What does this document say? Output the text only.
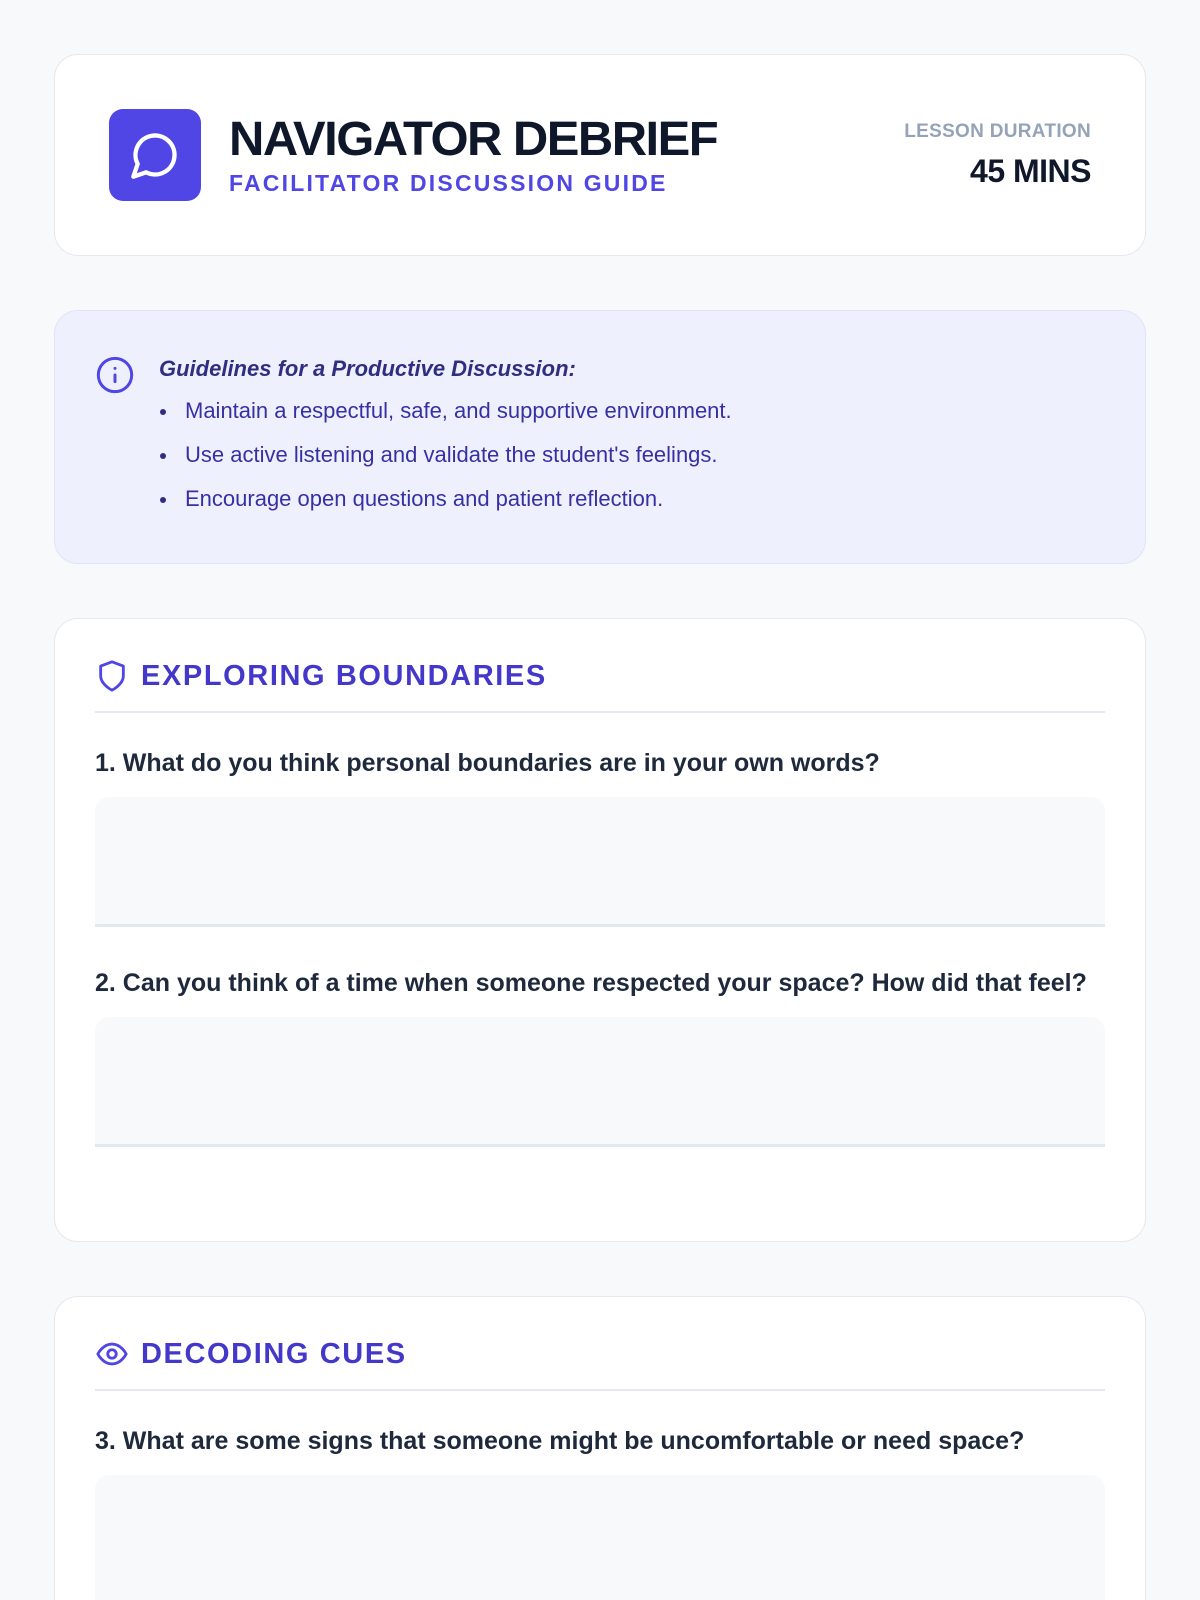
NAVIGATOR DEBRIEF
FACILITATOR DISCUSSION GUIDE
LESSON DURATION
45 MINS
Guidelines for a Productive Discussion:
Maintain a respectful, safe, and supportive environment.
Use active listening and validate the student's feelings.
Encourage open questions and patient reflection.
EXPLORING BOUNDARIES
1. What do you think personal boundaries are in your own words?
2. Can you think of a time when someone respected your space? How did that feel?
DECODING CUES
3. What are some signs that someone might be uncomfortable or need space?
